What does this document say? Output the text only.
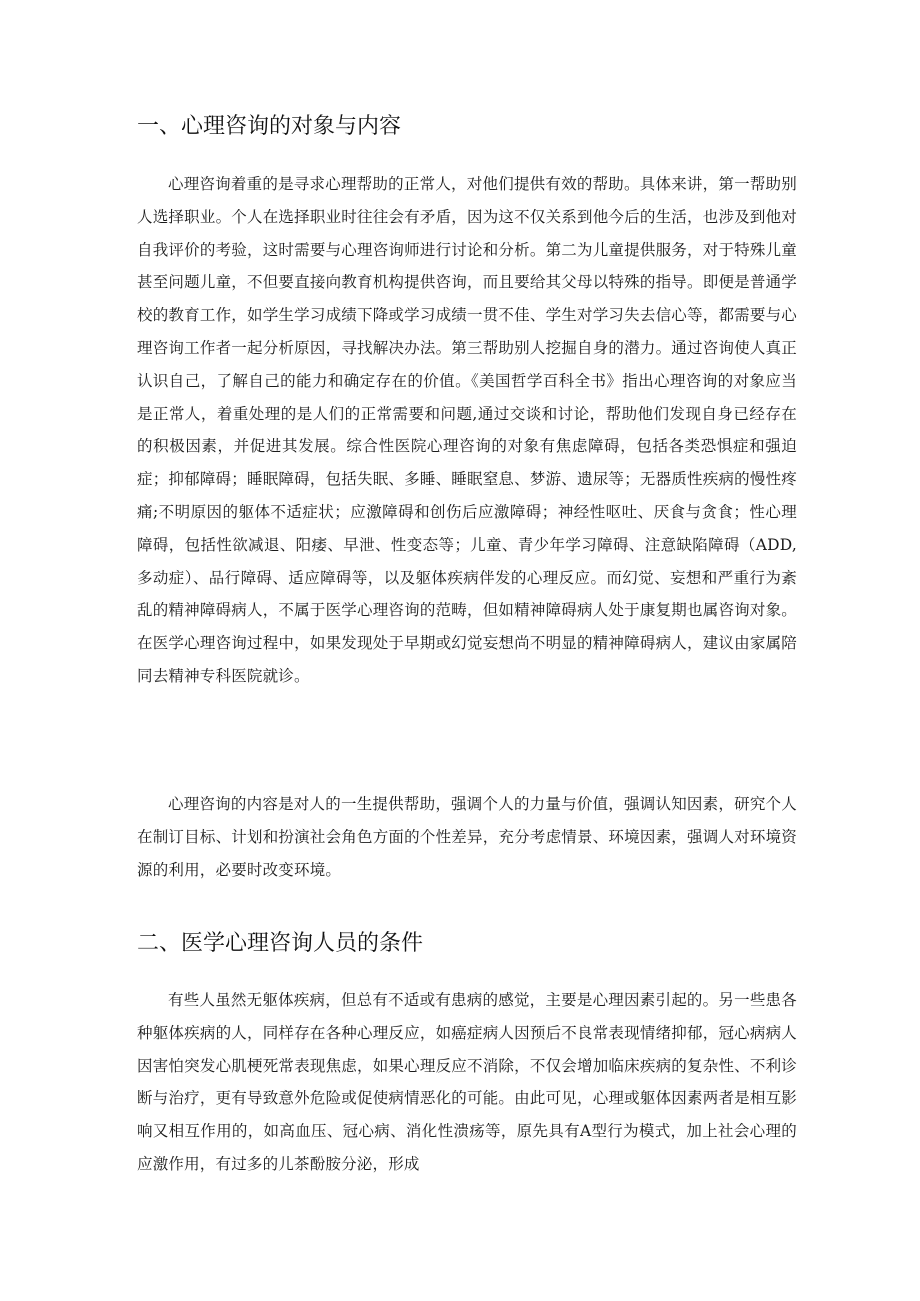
一、心理咨询的对象与内容

心理咨询着重的是寻求心理帮助的正常人，对他们提供有效的帮助。具体来讲，第一帮助别人选择职业。个人在选择职业时往往会有矛盾，因为这不仅关系到他今后的生活，也涉及到他对自我评价的考验，这时需要与心理咨询师进行讨论和分析。第二为儿童提供服务，对于特殊儿童甚至问题儿童，不但要直接向教育机构提供咨询，而且要给其父母以特殊的指导。即便是普通学校的教育工作，如学生学习成绩下降或学习成绩一贯不佳、学生对学习失去信心等，都需要与心理咨询工作者一起分析原因，寻找解决办法。第三帮助别人挖掘自身的潜力。通过咨询使人真正认识自己，了解自己的能力和确定存在的价值。《美国哲学百科全书》指出心理咨询的对象应当是正常人，着重处理的是人们的正常需要和问题,通过交谈和讨论，帮助他们发现自身已经存在的积极因素，并促进其发展。综合性医院心理咨询的对象有焦虑障碍，包括各类恐惧症和强迫症；抑郁障碍；睡眠障碍，包括失眠、多睡、睡眠窒息、梦游、遗尿等；无器质性疾病的慢性疼痛;不明原因的躯体不适症状；应激障碍和创伤后应激障碍；神经性呕吐、厌食与贪食；性心理障碍，包括性欲减退、阳痿、早泄、性变态等；儿童、青少年学习障碍、注意缺陷障碍（ADD,多动症）、品行障碍、适应障碍等，以及躯体疾病伴发的心理反应。而幻觉、妄想和严重行为紊乱的精神障碍病人，不属于医学心理咨询的范畴，但如精神障碍病人处于康复期也属咨询对象。在医学心理咨询过程中，如果发现处于早期或幻觉妄想尚不明显的精神障碍病人，建议由家属陪同去精神专科医院就诊。

心理咨询的内容是对人的一生提供帮助，强调个人的力量与价值，强调认知因素，研究个人在制订目标、计划和扮演社会角色方面的个性差异，充分考虑情景、环境因素，强调人对环境资源的利用，必要时改变环境。

二、医学心理咨询人员的条件

有些人虽然无躯体疾病，但总有不适或有患病的感觉，主要是心理因素引起的。另一些患各种躯体疾病的人，同样存在各种心理反应，如癌症病人因预后不良常表现情绪抑郁，冠心病病人因害怕突发心肌梗死常表现焦虑，如果心理反应不消除，不仅会增加临床疾病的复杂性、不利诊断与治疗，更有导致意外危险或促使病情恶化的可能。由此可见，心理或躯体因素两者是相互影响又相互作用的，如高血压、冠心病、消化性溃疡等，原先具有A型行为模式，加上社会心理的应激作用，有过多的儿茶酚胺分泌，形成
